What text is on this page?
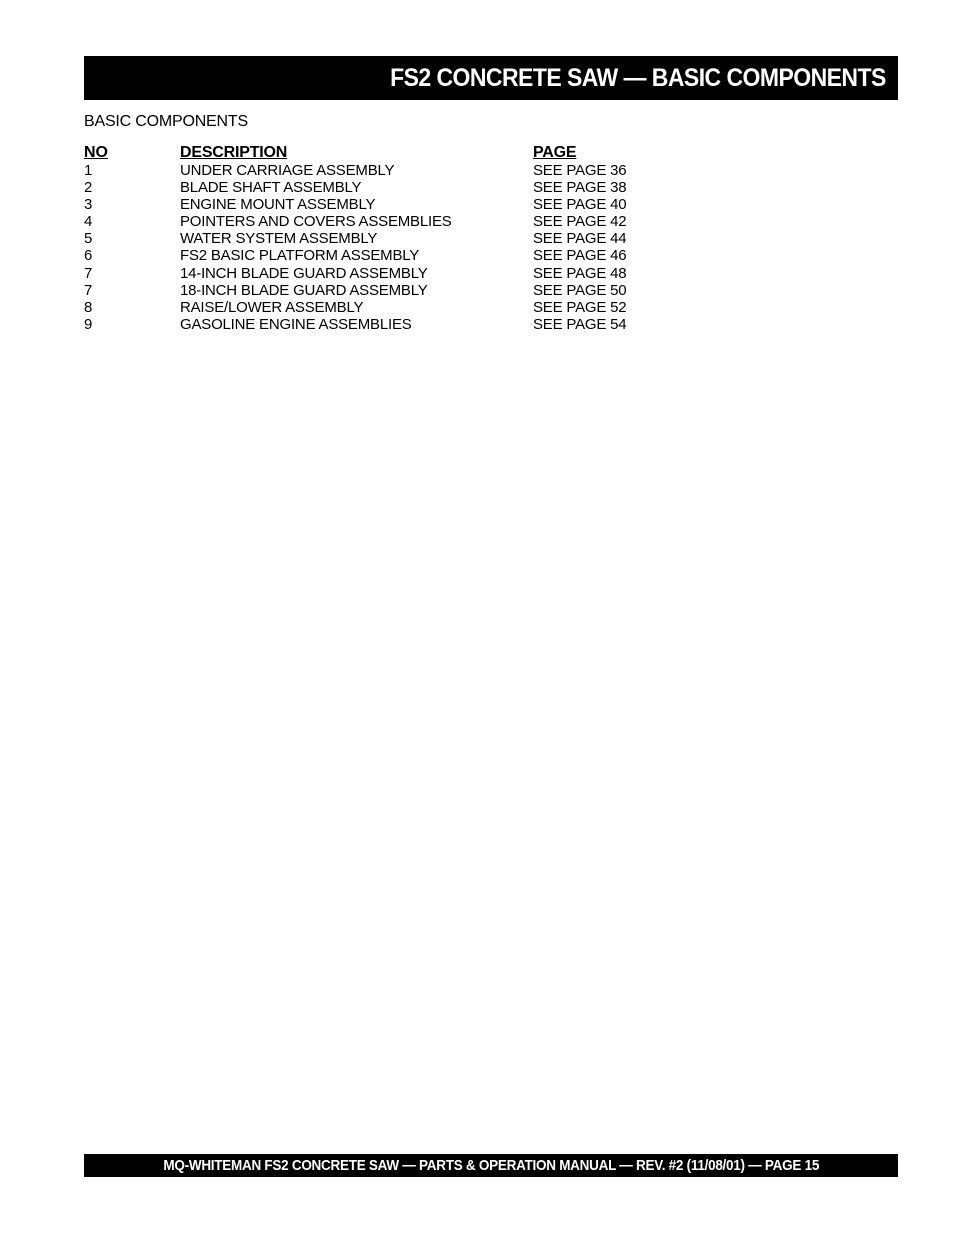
FS2 CONCRETE SAW — BASIC COMPONENTS
BASIC COMPONENTS
NO	DESCRIPTION	PAGE
1	UNDER CARRIAGE ASSEMBLY	SEE PAGE 36
2	BLADE SHAFT ASSEMBLY	SEE PAGE 38
3	ENGINE MOUNT ASSEMBLY	SEE PAGE 40
4	POINTERS AND COVERS ASSEMBLIES	SEE PAGE 42
5	WATER SYSTEM ASSEMBLY	SEE PAGE 44
6	FS2 BASIC PLATFORM ASSEMBLY	SEE PAGE 46
7	14-INCH BLADE GUARD ASSEMBLY	SEE PAGE 48
7	18-INCH BLADE GUARD ASSEMBLY	SEE PAGE 50
8	RAISE/LOWER ASSEMBLY	SEE PAGE 52
9	GASOLINE ENGINE ASSEMBLIES	SEE PAGE 54
MQ-WHITEMAN FS2 CONCRETE SAW — PARTS & OPERATION MANUAL — REV. #2 (11/08/01) — PAGE 15
